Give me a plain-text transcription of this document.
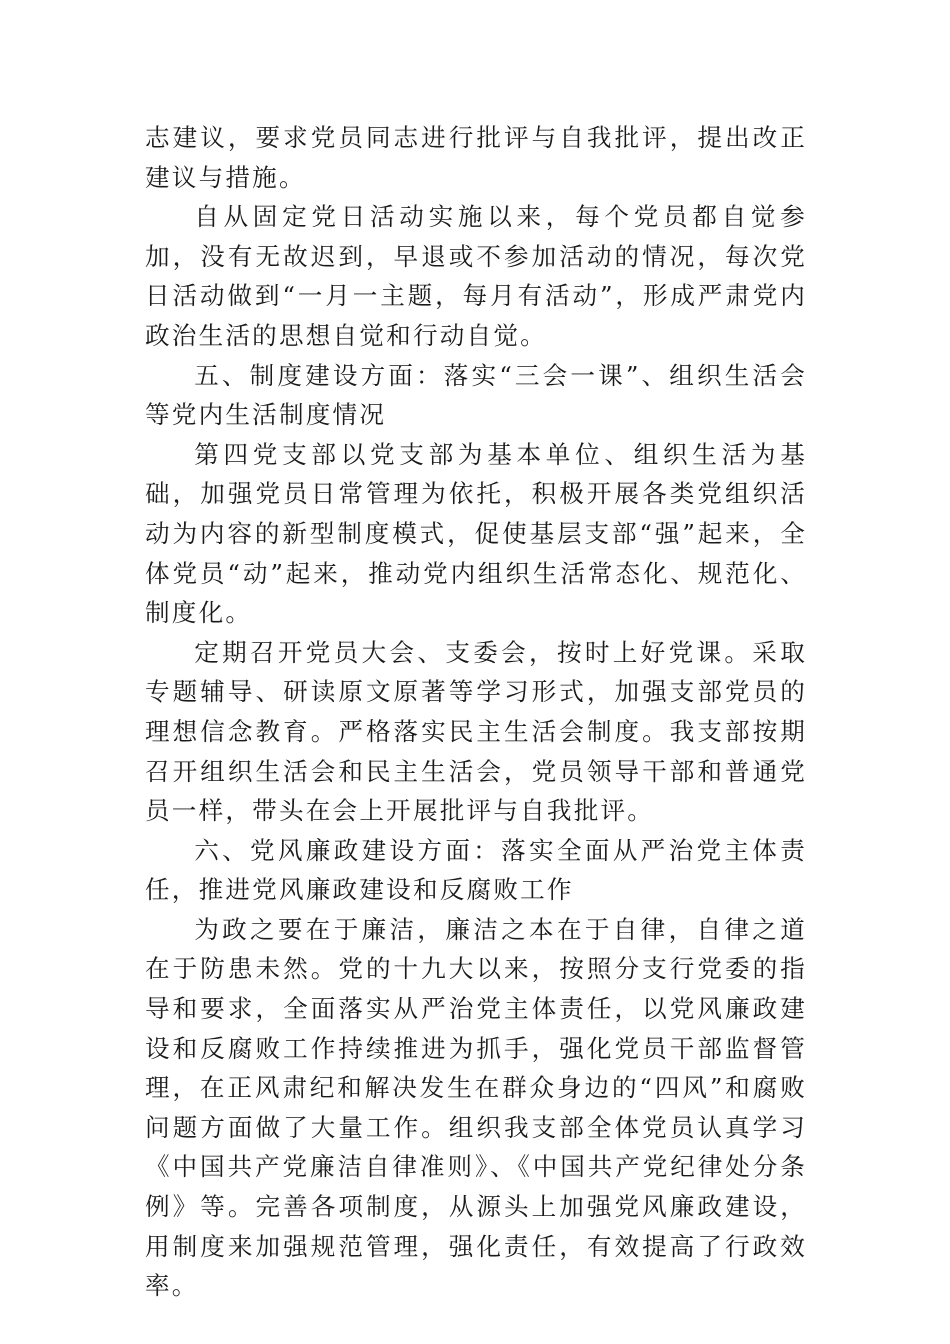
志建议，要求党员同志进行批评与自我批评，提出改正建议与措施。

自从固定党日活动实施以来，每个党员都自觉参加，没有无故迟到，早退或不参加活动的情况，每次党日活动做到“一月一主题，每月有活动”，形成严肃党内政治生活的思想自觉和行动自觉。

五、制度建设方面：落实“三会一课”、组织生活会等党内生活制度情况

第四党支部以党支部为基本单位、组织生活为基础，加强党员日常管理为依托，积极开展各类党组织活动为内容的新型制度模式，促使基层支部“强”起来，全体党员“动”起来，推动党内组织生活常态化、规范化、制度化。

定期召开党员大会、支委会，按时上好党课。采取专题辅导、研读原文原著等学习形式，加强支部党员的理想信念教育。严格落实民主生活会制度。我支部按期召开组织生活会和民主生活会，党员领导干部和普通党员一样，带头在会上开展批评与自我批评。

六、党风廉政建设方面：落实全面从严治党主体责任，推进党风廉政建设和反腐败工作

为政之要在于廉洁，廉洁之本在于自律，自律之道在于防患未然。党的十九大以来，按照分支行党委的指导和要求，全面落实从严治党主体责任，以党风廉政建设和反腐败工作持续推进为抓手，强化党员干部监督管理，在正风肃纪和解决发生在群众身边的“四风”和腐败问题方面做了大量工作。组织我支部全体党员认真学习《中国共产党廉洁自律准则》、《中国共产党纪律处分条例》等。完善各项制度，从源头上加强党风廉政建设，用制度来加强规范管理，强化责任，有效提高了行政效率。
